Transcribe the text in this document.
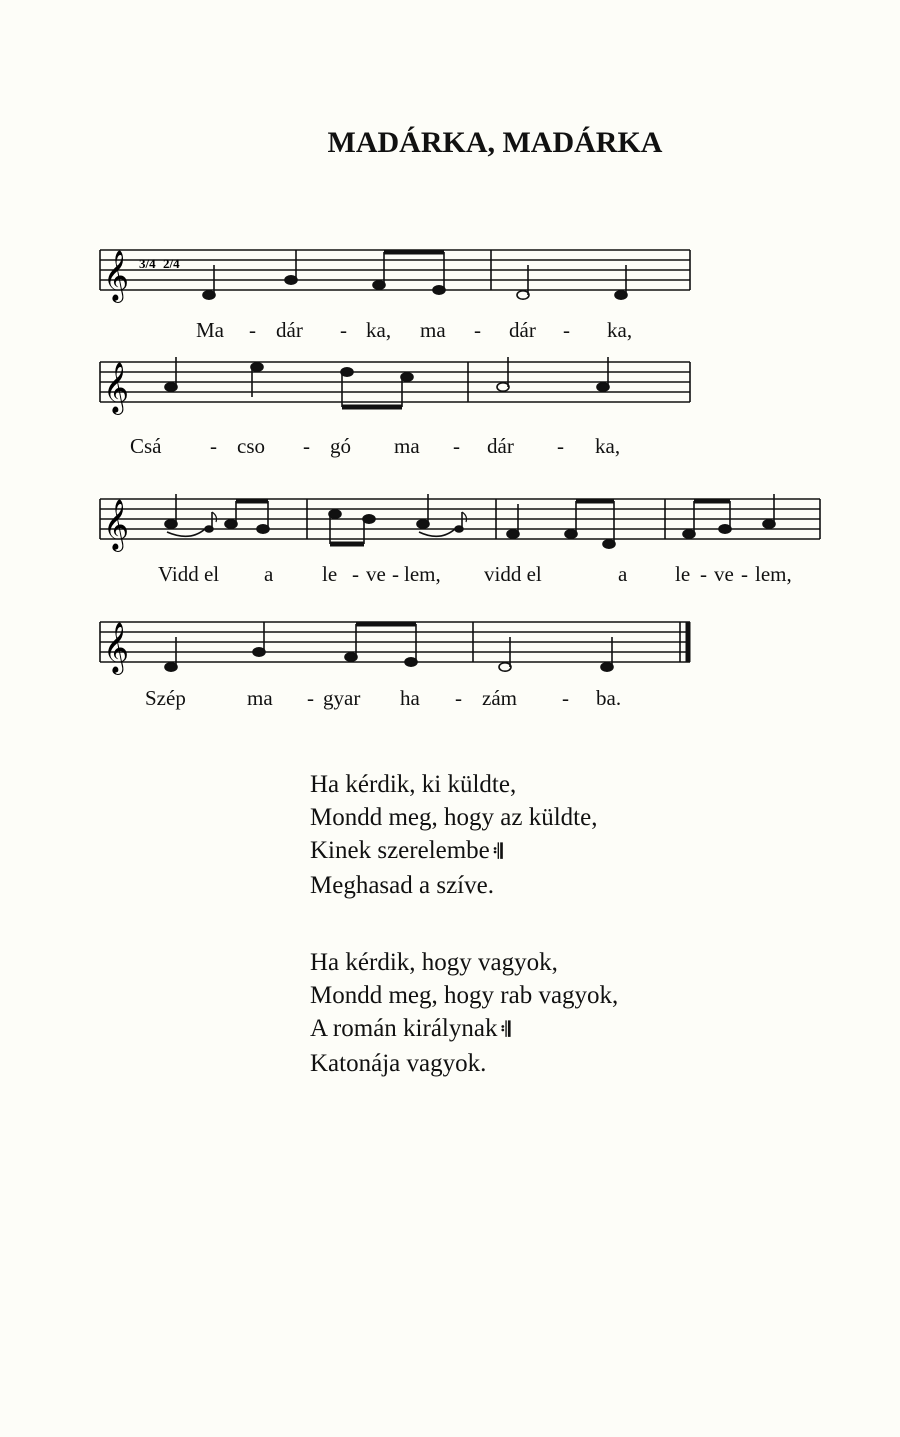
MADÁRKA, MADÁRKA
𝄞 3/4 2/4
Ma - dár - ka, ma - dár - ka,
𝄞
Csá - cso - gó ma - dár - ka,
𝄞
Vidd el a le - ve - lem, vidd el	a le - ve - lem,
𝄞
Szép	ma - gyar ha - zám - ba.
Ha kérdik, ki küldte,
Mondd meg, hogy az küldte,
Kinek szerelembe 𝄇
Meghasad a szíve.
Ha kérdik, hogy vagyok,
Mondd meg, hogy rab vagyok,
A román királynak 𝄇
Katonája vagyok.
